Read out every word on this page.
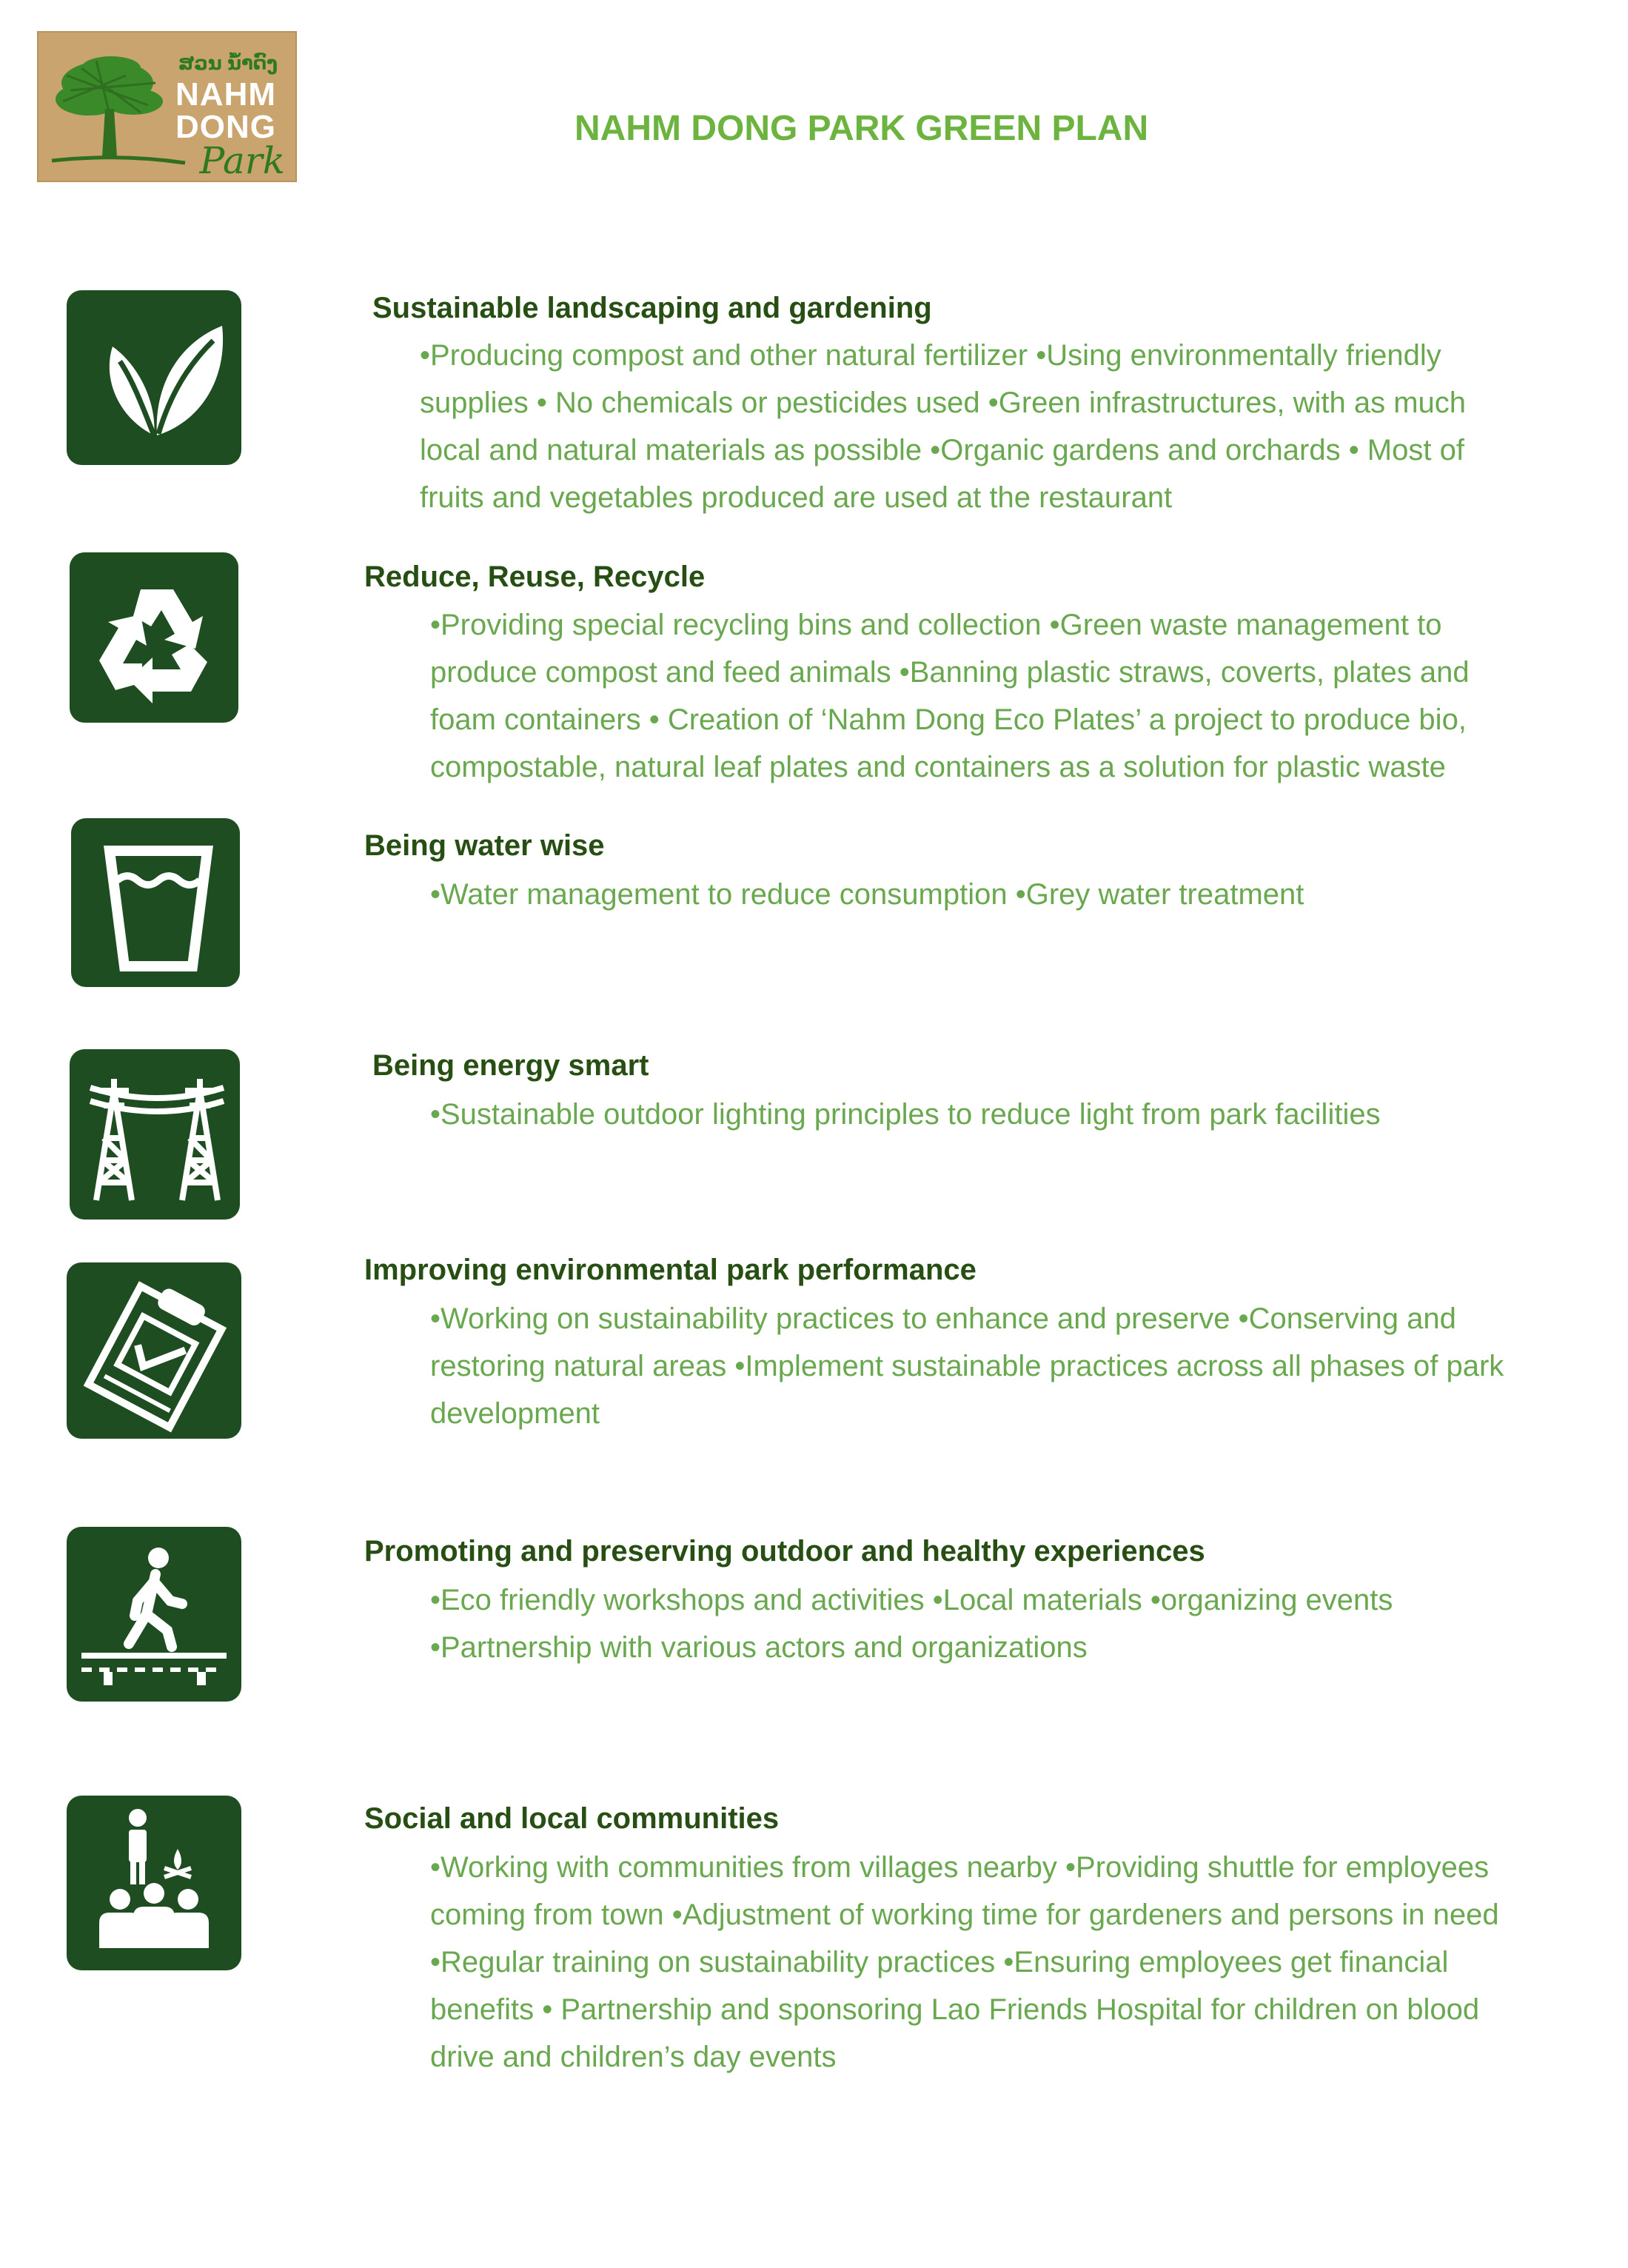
ສວນ ນ້ຳດົງ
NAHM
DONG
Park
NAHM DONG PARK GREEN PLAN
Sustainable landscaping and gardening
•Producing compost and other natural fertilizer •Using environmentally friendly
supplies • No chemicals or pesticides used •Green infrastructures, with as much
local and natural materials as possible •Organic gardens and orchards • Most of
fruits and vegetables produced are used at the restaurant
Reduce, Reuse, Recycle
•Providing special recycling bins and collection •Green waste management to
produce compost and feed animals •Banning plastic straws, coverts, plates and
foam containers • Creation of ‘Nahm Dong Eco Plates’ a project to produce bio,
compostable, natural leaf plates and containers as a solution for plastic waste
Being water wise
•Water management to reduce consumption •Grey water treatment
Being energy smart
•Sustainable outdoor lighting principles to reduce light from park facilities
Improving environmental park performance
•Working on sustainability practices to enhance and preserve •Conserving and
restoring natural areas •Implement sustainable practices across all phases of park
development
Promoting and preserving outdoor and healthy experiences
•Eco friendly workshops and activities •Local materials •organizing events
•Partnership with various actors and organizations
Social and local communities
•Working with communities from villages nearby •Providing shuttle for employees
coming from town •Adjustment of working time for gardeners and persons in need
•Regular training on sustainability practices •Ensuring employees get financial
benefits • Partnership and sponsoring Lao Friends Hospital for children on blood
drive and children’s day events
